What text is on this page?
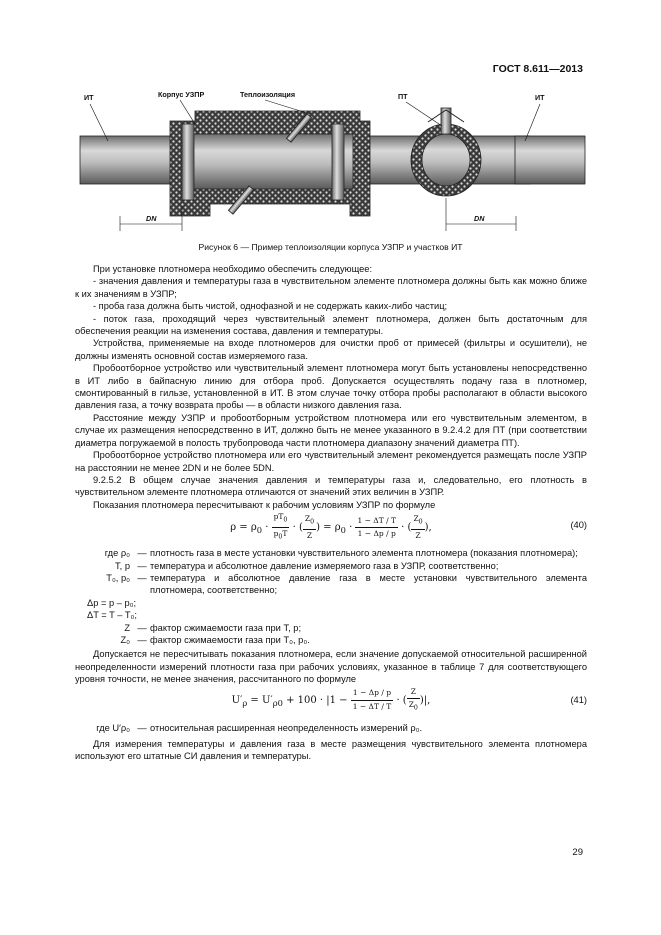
ГОСТ 8.611—2013
ИТ	Корпус УЗПР	Теплоизоляция	ПТ	ИТ
DN	DN
Рисунок 6 — Пример теплоизоляции корпуса УЗПР и участков ИТ

При установке плотномера необходимо обеспечить следующее:

- значения давления и температуры газа в чувствительном элементе плотномера должны быть как можно ближе к их значениям в УЗПР;

- проба газа должна быть чистой, однофазной и не содержать каких-либо частиц;

- поток газа, проходящий через чувствительный элемент плотномера, должен быть достаточным для обеспечения реакции на изменения состава, давления и температуры.

Устройства, применяемые на входе плотномеров для очистки проб от примесей (фильтры и осушители), не должны изменять основной состав измеряемого газа.

Пробоотборное устройство или чувствительный элемент плотномера могут быть установлены непосредственно в ИТ либо в байпасную линию для отбора проб. Допускается осуществлять подачу газа в плотномер, смонтированный в гильзе, установленной в ИТ. В этом случае точку отбора пробы располагают в области высокого давления газа, а точку возврата пробы — в области низкого давления газа.

Расстояние между УЗПР и пробоотборным устройством плотномера или его чувствительным элементом, в случае их размещения непосредственно в ИТ, должно быть не менее указанного в 9.2.4.2 для ПТ (при соответствии диаметра погружаемой в полость трубопровода части плотномера диапазону значений диаметра ПТ).

Пробоотборное устройство плотномера или его чувствительный элемент рекомендуется размещать после УЗПР на расстоянии не менее 2DN и не более 5DN.

9.2.5.2 В общем случае значения давления и температуры газа и, следовательно, его плотность в чувствительном элементе плотномера отличаются от значений этих величин в УЗПР.

Показания плотномера пересчитывают к рабочим условиям УЗПР по формуле

$\rho = \rho_0 \cdot \frac{pT_0}{p_0T}$ · ( $\frac{Z_0}{Z}$ ) = $\rho_0 \cdot \frac{1 - \Delta T / T}{1 - \Delta p / p}$ · ( $\frac{Z_0}{Z}$ ),	(40)
где ρ₀ — плотность газа в месте установки чувствительного элемента плотномера (показания плотномера);
T, p — температура и абсолютное давление измеряемого газа в УЗПР, соответственно;
T₀, p₀ — температура и абсолютное давление газа в месте установки чувствительного элемента плотномера, соответственно;

Δp = p – p₀;

ΔT = T – T₀;

Z — фактор сжимаемости газа при T, p;
Z₀ — фактор сжимаемости газа при T₀, p₀.

Допускается не пересчитывать показания плотномера, если значение допускаемой относительной расширенной неопределенности измерений плотности газа при рабочих условиях, указанное в таблице 7 для соответствующего уровня точности, не менее значения, рассчитанного по формуле

$U'_\rho = U'_{\rho 0} + 100 \cdot |1 - \frac{1 - \Delta p / p}{1 - \Delta T / T}$ · ( $\frac{Z}{Z_0}$ )|,	(41)
где U′ρ₀ — относительная расширенная неопределенность измерений ρ₀.

Для измерения температуры и давления газа в месте размещения чувствительного элемента плотномера используют его штатные СИ давления и температуры.

29
